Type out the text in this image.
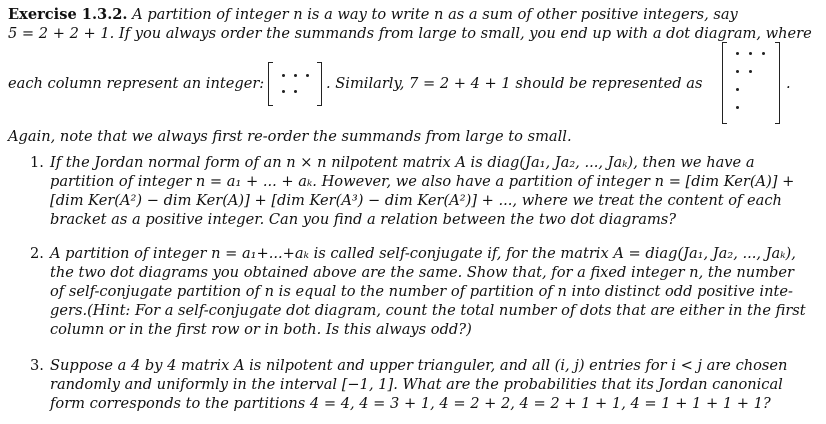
Exercise 1.3.2. A partition of integer n is a way to write n as a sum of other positive integers, say
5 = 2 + 2 + 1. If you always order the summands from large to small, you end up with a dot diagram, where
each column represent an integer:	. Similarly, 7 = 2 + 4 + 1 should be represented as	.
Again, note that we always first re-order the summands from large to small.
1. If the Jordan normal form of an n × n nilpotent matrix A is diag(Ja₁, Ja₂, ..., Jaₖ), then we have a
partition of integer n = a₁ + ... + aₖ. However, we also have a partition of integer n = [dim Ker(A)] +
[dim Ker(A²) − dim Ker(A)] + [dim Ker(A³) − dim Ker(A²)] + ..., where we treat the content of each
bracket as a positive integer. Can you find a relation between the two dot diagrams?
2. A partition of integer n = a₁+...+aₖ is called self-conjugate if, for the matrix A = diag(Ja₁, Ja₂, ..., Jaₖ),
the two dot diagrams you obtained above are the same. Show that, for a fixed integer n, the number
of self-conjugate partition of n is equal to the number of partition of n into distinct odd positive inte-
gers.(Hint: For a self-conjugate dot diagram, count the total number of dots that are either in the first
column or in the first row or in both. Is this always odd?)
3. Suppose a 4 by 4 matrix A is nilpotent and upper trianguler, and all (i, j) entries for i < j are chosen
randomly and uniformly in the interval [−1, 1]. What are the probabilities that its Jordan canonical
form corresponds to the partitions 4 = 4, 4 = 3 + 1, 4 = 2 + 2, 4 = 2 + 1 + 1, 4 = 1 + 1 + 1 + 1?
